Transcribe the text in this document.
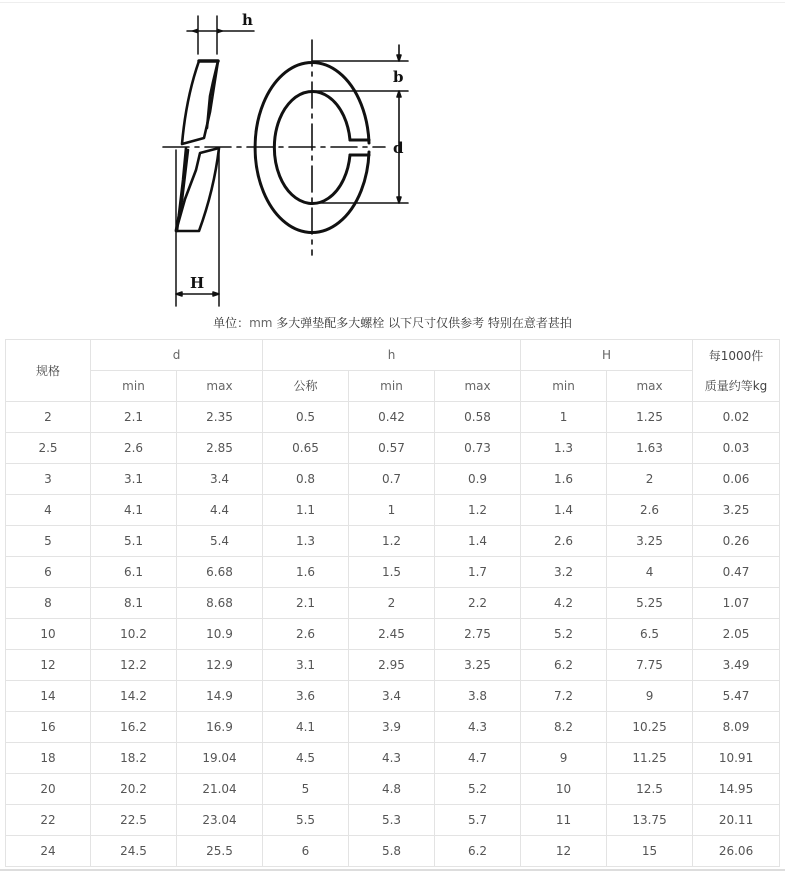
h
H
b
d
单位：mm 多大弹垫配多大螺栓 以下尺寸仅供参考 特别在意者甚拍
规格	d		h			H		每1000件
质量约等kg

	min	max	公称	min	max	min	max	
2	2.1	2.35	0.5	0.42	0.58	1	1.25	0.02
2.5	2.6	2.85	0.65	0.57	0.73	1.3	1.63	0.03
3	3.1	3.4	0.8	0.7	0.9	1.6	2	0.06
4	4.1	4.4	1.1	1	1.2	1.4	2.6	3.25
5	5.1	5.4	1.3	1.2	1.4	2.6	3.25	0.26
6	6.1	6.68	1.6	1.5	1.7	3.2	4	0.47
8	8.1	8.68	2.1	2	2.2	4.2	5.25	1.07
10	10.2	10.9	2.6	2.45	2.75	5.2	6.5	2.05
12	12.2	12.9	3.1	2.95	3.25	6.2	7.75	3.49
14	14.2	14.9	3.6	3.4	3.8	7.2	9	5.47
16	16.2	16.9	4.1	3.9	4.3	8.2	10.25	8.09
18	18.2	19.04	4.5	4.3	4.7	9	11.25	10.91
20	20.2	21.04	5	4.8	5.2	10	12.5	14.95
22	22.5	23.04	5.5	5.3	5.7	11	13.75	20.11
24	24.5	25.5	6	5.8	6.2	12	15	26.06
